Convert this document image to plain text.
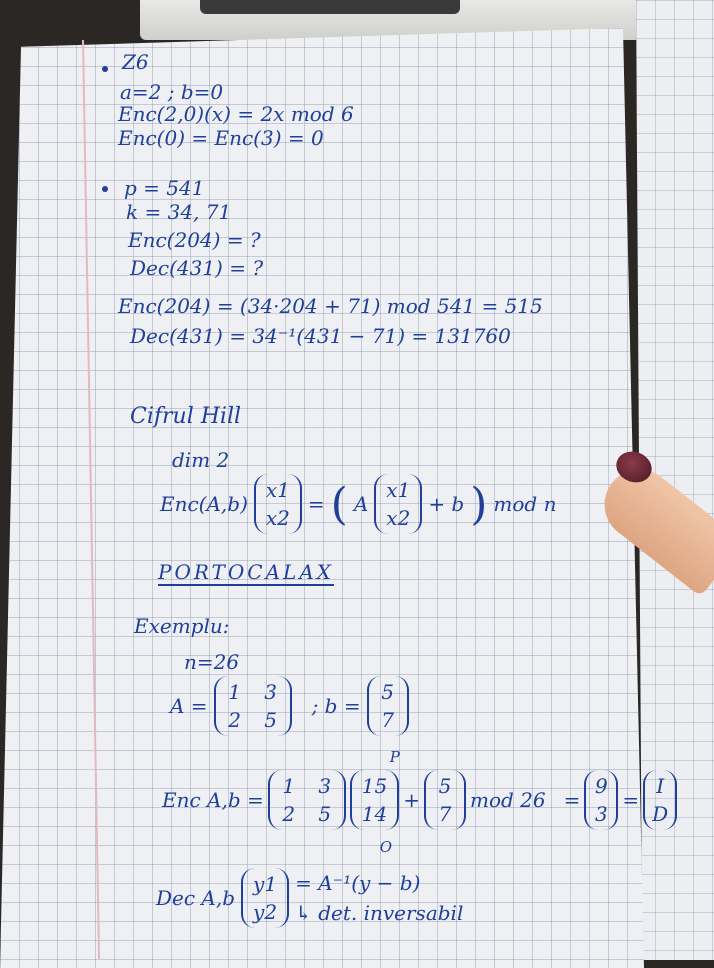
Z6

a=2 ; b=0

Enc(2,0)(x) = 2x mod 6

Enc(0) = Enc(3) = 0

p = 541

k = 34, 71

Enc(204) = ?

Dec(431) = ?

Enc(204) = (34·204 + 71) mod 541 = 515

Dec(431) = 34⁻¹(431 − 71) = 131760

Cifrul Hill

dim 2

Enc(A,b)
x1
x2
= ( A
x1
x2
+ b ) mod n

PORTOCALAX

Exemplu:

n=26

A =
1 3
2 5
; b =
5
7
Enc A,b =
1 3
2 5
P
O
15
14
+
5
7
mod 26 =
9
3
=
I
D
Dec A,b
y1
y2
= A⁻¹(y − b)
↳ det. inversabil
